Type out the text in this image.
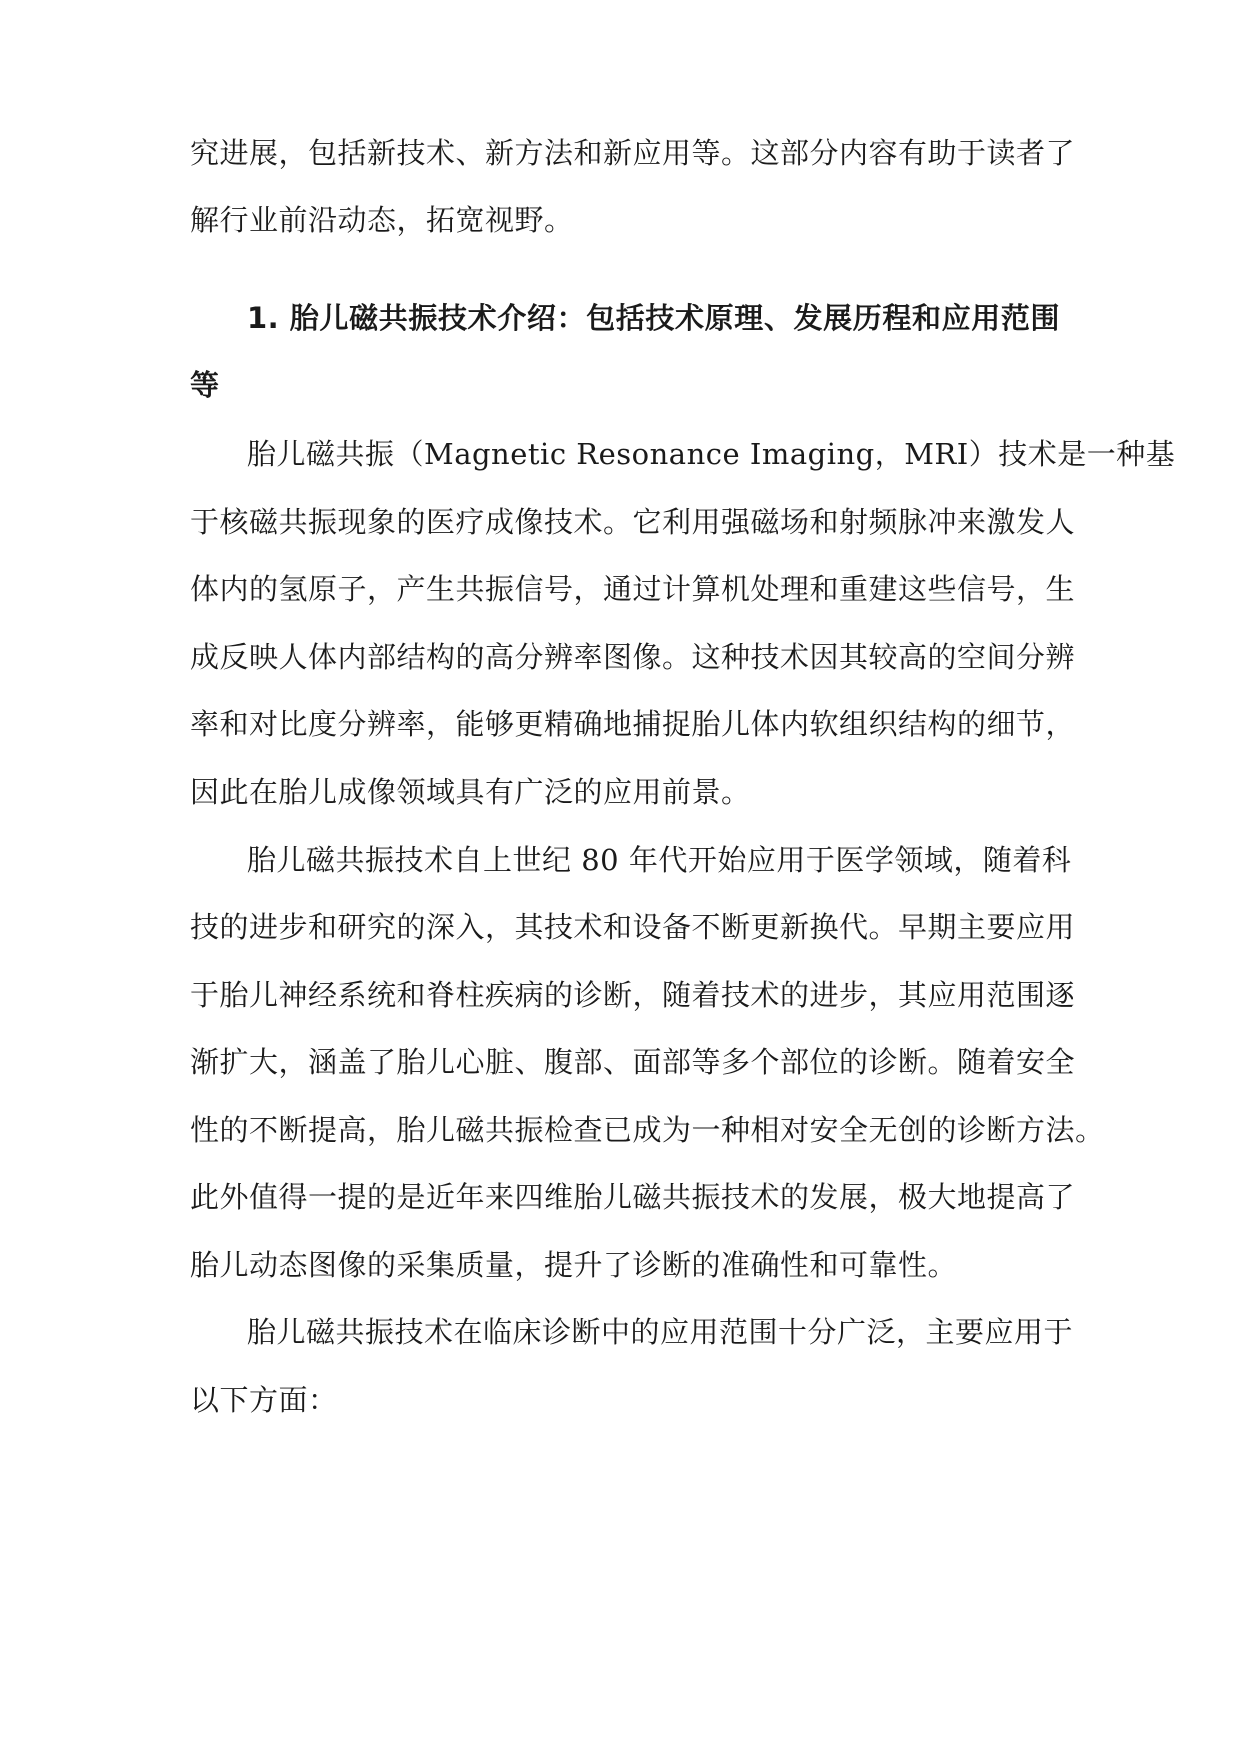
究进展，包括新技术、新方法和新应用等。这部分内容有助于读者了
解行业前沿动态，拓宽视野。
1. 胎儿磁共振技术介绍：包括技术原理、发展历程和应用范围
等
胎儿磁共振（Magnetic Resonance Imaging，MRI）技术是一种基
于核磁共振现象的医疗成像技术。它利用强磁场和射频脉冲来激发人
体内的氢原子，产生共振信号，通过计算机处理和重建这些信号，生
成反映人体内部结构的高分辨率图像。这种技术因其较高的空间分辨
率和对比度分辨率，能够更精确地捕捉胎儿体内软组织结构的细节，
因此在胎儿成像领域具有广泛的应用前景。
胎儿磁共振技术自上世纪 80 年代开始应用于医学领域，随着科
技的进步和研究的深入，其技术和设备不断更新换代。早期主要应用
于胎儿神经系统和脊柱疾病的诊断，随着技术的进步，其应用范围逐
渐扩大，涵盖了胎儿心脏、腹部、面部等多个部位的诊断。随着安全
性的不断提高，胎儿磁共振检查已成为一种相对安全无创的诊断方法。
此外值得一提的是近年来四维胎儿磁共振技术的发展，极大地提高了
胎儿动态图像的采集质量，提升了诊断的准确性和可靠性。
胎儿磁共振技术在临床诊断中的应用范围十分广泛，主要应用于
以下方面：
